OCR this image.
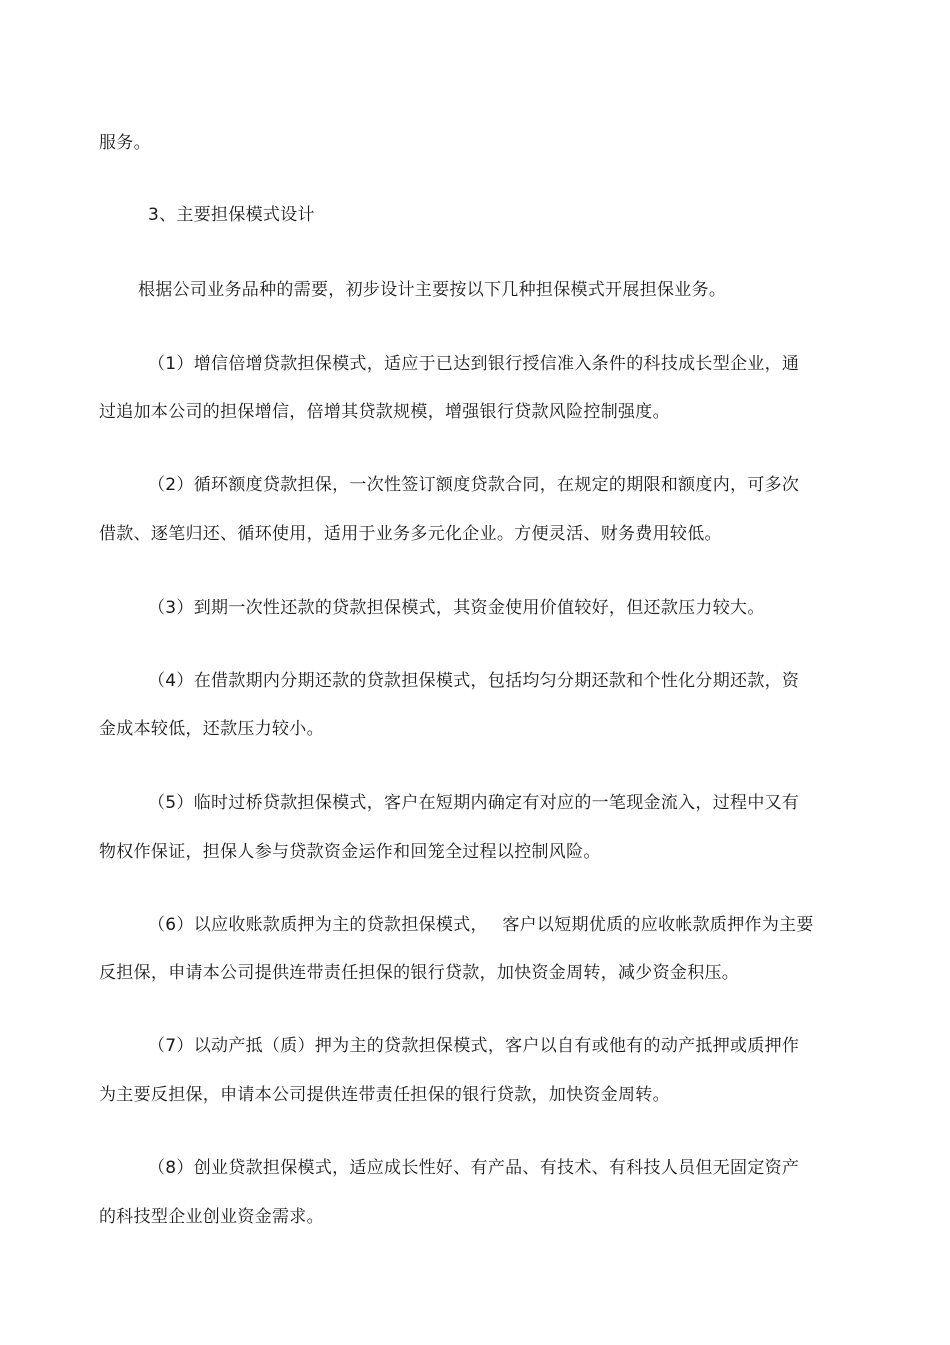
服务。
3、主要担保模式设计
根据公司业务品种的需要，初步设计主要按以下几种担保模式开展担保业务。
（1）增信倍增贷款担保模式，适应于已达到银行授信准入条件的科技成长型企业，通
过追加本公司的担保增信，倍增其贷款规模，增强银行贷款风险控制强度。
（2）循环额度贷款担保，一次性签订额度贷款合同，在规定的期限和额度内，可多次
借款、逐笔归还、循环使用，适用于业务多元化企业。方便灵活、财务费用较低。
（3）到期一次性还款的贷款担保模式，其资金使用价值较好，但还款压力较大。
（4）在借款期内分期还款的贷款担保模式，包括均匀分期还款和个性化分期还款，资
金成本较低，还款压力较小。
（5）临时过桥贷款担保模式，客户在短期内确定有对应的一笔现金流入，过程中又有
物权作保证，担保人参与贷款资金运作和回笼全过程以控制风险。
（6）以应收账款质押为主的贷款担保模式，　 客户以短期优质的应收帐款质押作为主要
反担保，申请本公司提供连带责任担保的银行贷款，加快资金周转，减少资金积压。
（7）以动产抵（质）押为主的贷款担保模式，客户以自有或他有的动产抵押或质押作
为主要反担保，申请本公司提供连带责任担保的银行贷款，加快资金周转。
（8）创业贷款担保模式，适应成长性好、有产品、有技术、有科技人员但无固定资产
的科技型企业创业资金需求。
